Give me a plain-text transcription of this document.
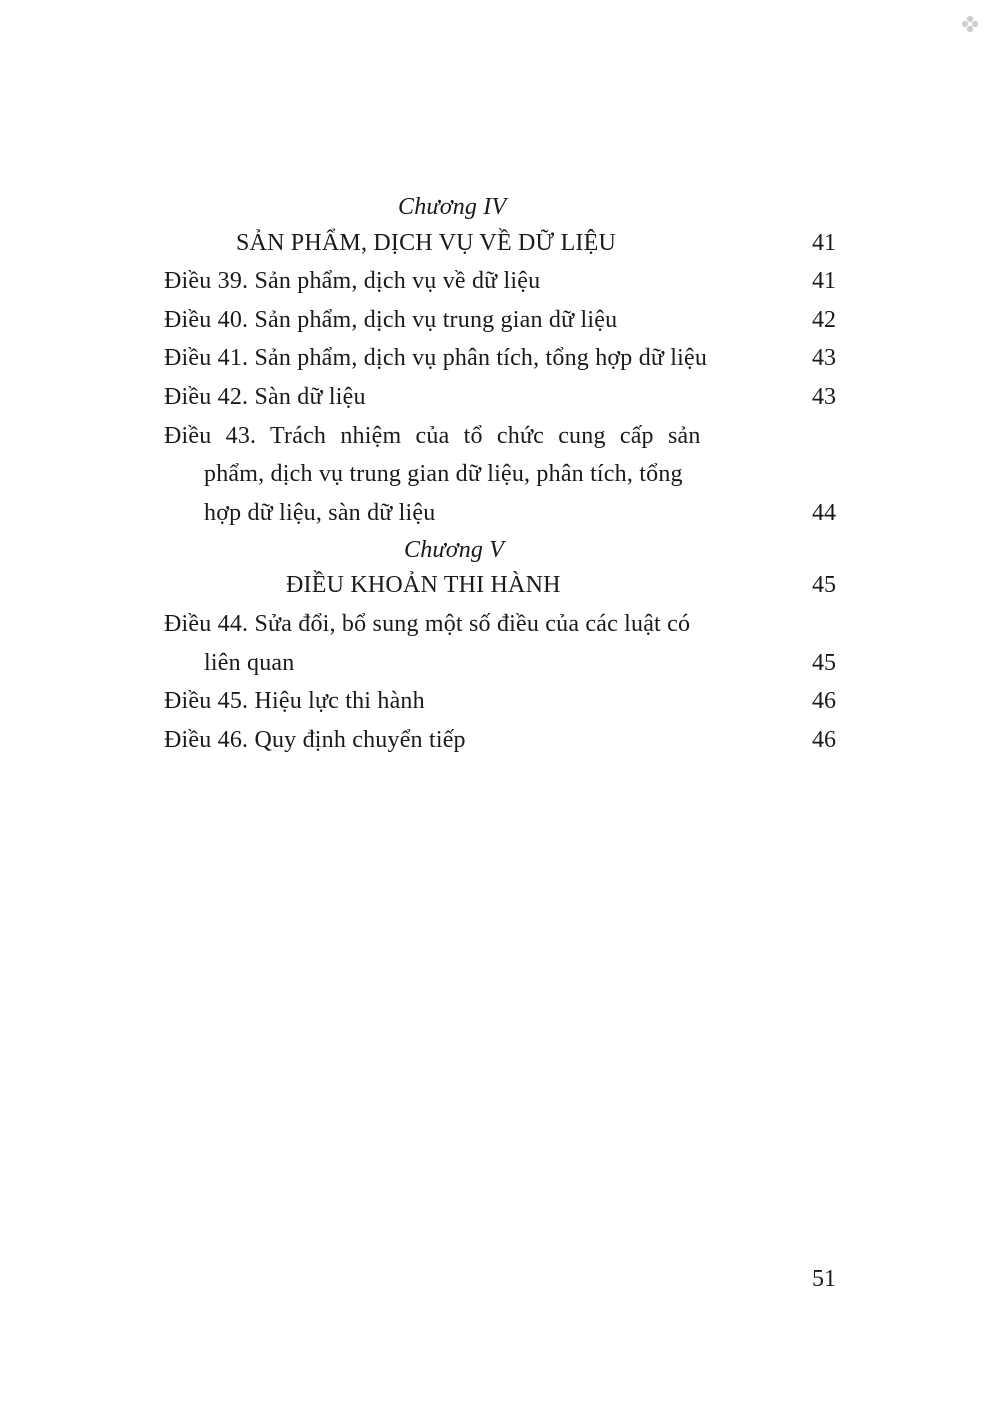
Chương IV
SẢN PHẨM, DỊCH VỤ VỀ DỮ LIỆU	41
Điều 39. Sản phẩm, dịch vụ về dữ liệu	41
Điều 40. Sản phẩm, dịch vụ trung gian dữ liệu	42
Điều 41. Sản phẩm, dịch vụ phân tích, tổng hợp dữ liệu	43
Điều 42. Sàn dữ liệu	43
Điều 43. Trách nhiệm của tổ chức cung cấp sản
phẩm, dịch vụ trung gian dữ liệu, phân tích, tổng
hợp dữ liệu, sàn dữ liệu	44
Chương V
ĐIỀU KHOẢN THI HÀNH	45
Điều 44. Sửa đổi, bổ sung một số điều của các luật có
liên quan	45
Điều 45. Hiệu lực thi hành	46
Điều 46. Quy định chuyển tiếp	46
51
